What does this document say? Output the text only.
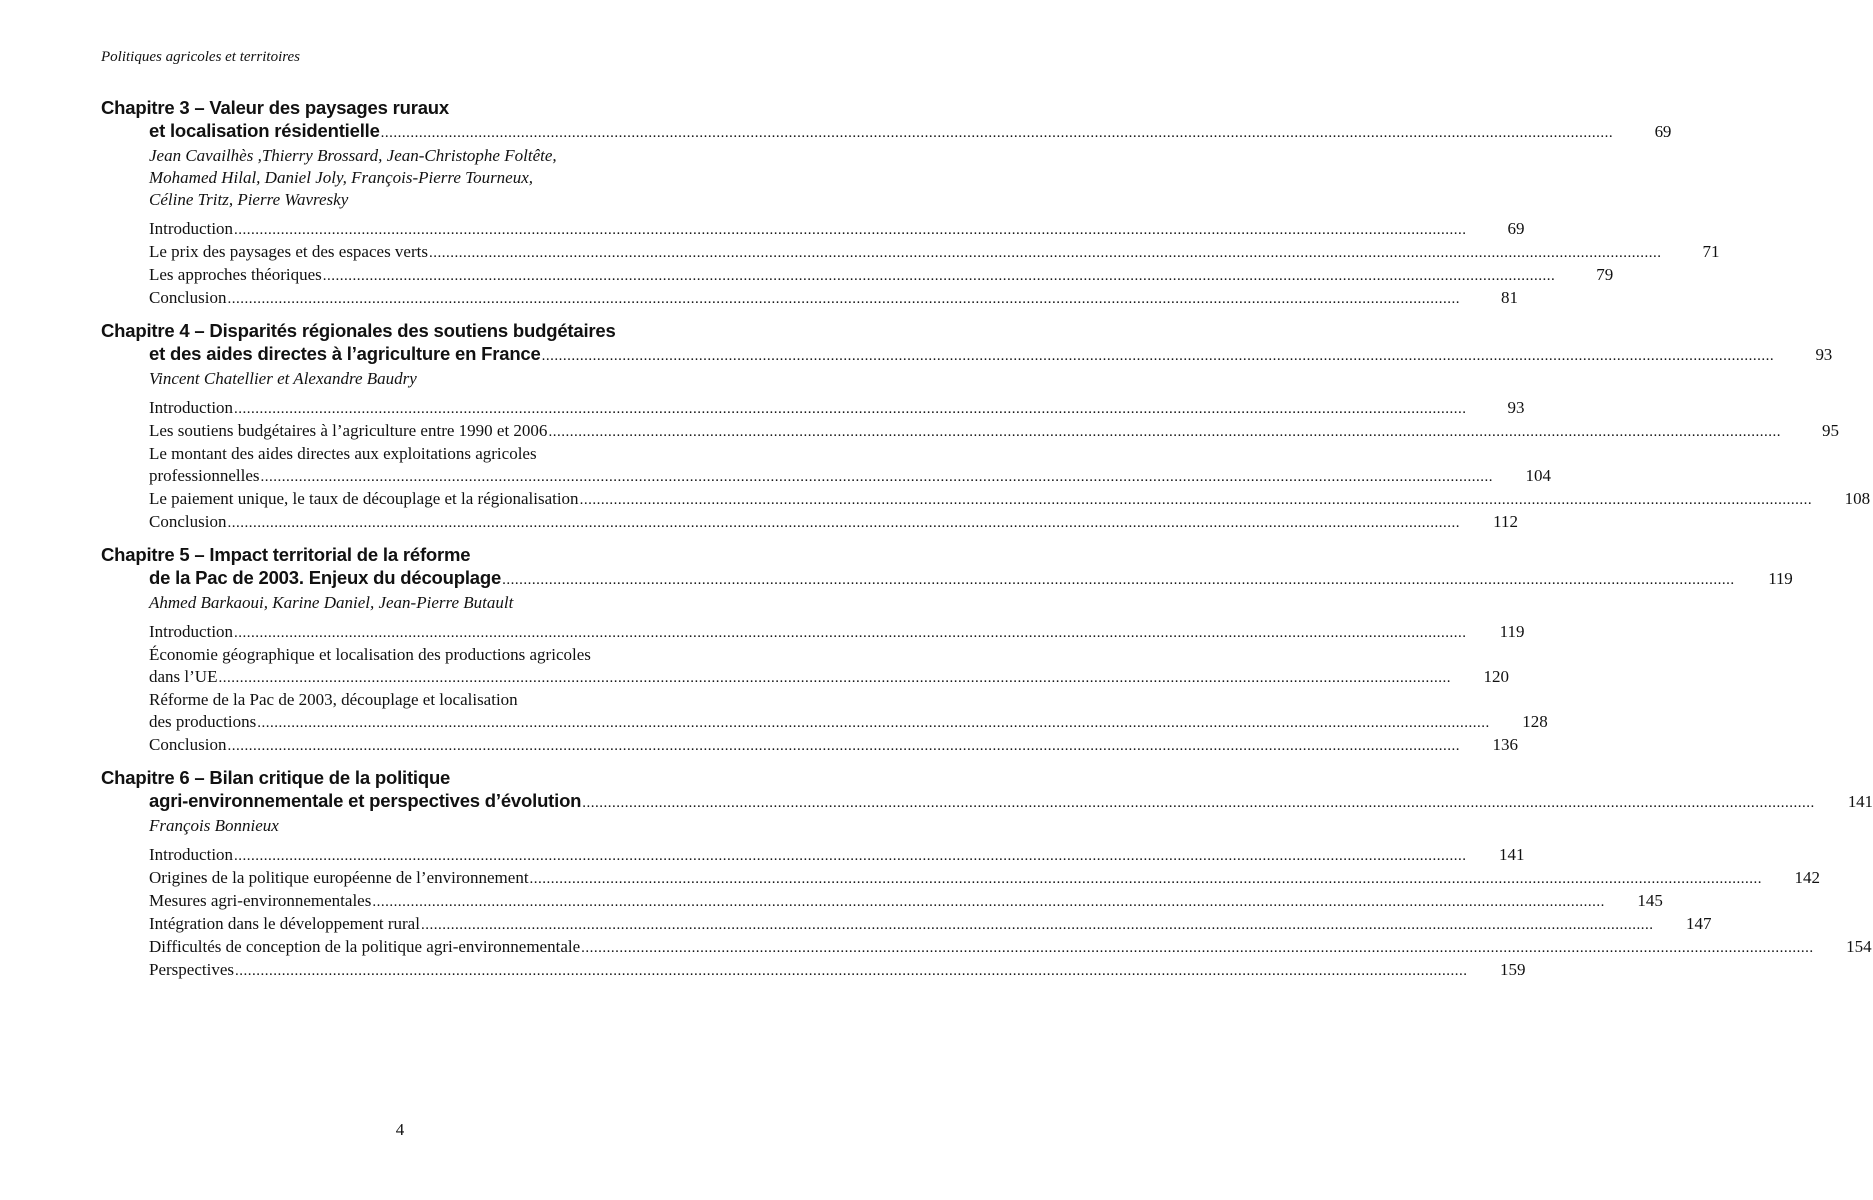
Politiques agricoles et territoires
Chapitre 3 – Valeur des paysages ruraux
et localisation résidentielle .....	69
Jean Cavailhès ,Thierry Brossard, Jean-Christophe Foltête,
Mohamed Hilal, Daniel Joly, François-Pierre Tourneux,
Céline Tritz, Pierre Wavresky
Introduction .....	69
Le prix des paysages et des espaces verts .....	71
Les approches théoriques .....	79
Conclusion .....	81
Chapitre 4 – Disparités régionales des soutiens budgétaires
et des aides directes à l’agriculture en France .....	93
Vincent Chatellier et Alexandre Baudry
Introduction .....	93
Les soutiens budgétaires à l’agriculture entre 1990 et 2006 .....	95
Le montant des aides directes aux exploitations agricoles
professionnelles .....	104
Le paiement unique, le taux de découplage et la régionalisation .....	108
Conclusion .....	112
Chapitre 5 – Impact territorial de la réforme
de la Pac de 2003. Enjeux du découplage .....	119
Ahmed Barkaoui, Karine Daniel, Jean-Pierre Butault
Introduction .....	119
Économie géographique et localisation des productions agricoles
dans l’UE .....	120
Réforme de la Pac de 2003, découplage et localisation
des productions .....	128
Conclusion .....	136
Chapitre 6 – Bilan critique de la politique
agri-environnementale et perspectives d’évolution .....	141
François Bonnieux
Introduction .....	141
Origines de la politique européenne de l’environnement .....	142
Mesures agri-environnementales .....	145
Intégration dans le développement rural .....	147
Difficultés de conception de la politique agri-environnementale .....	154
Perspectives .....	159
4
